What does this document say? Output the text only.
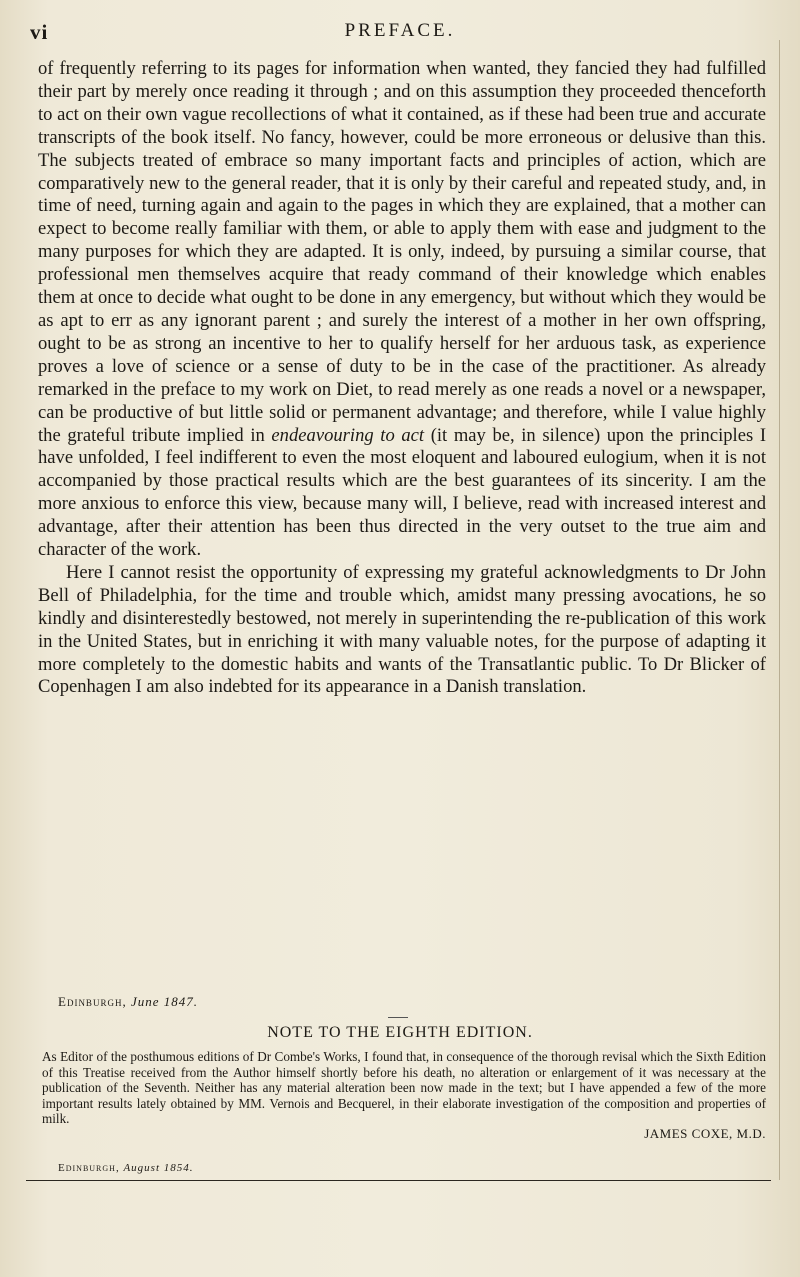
vi	PREFACE.

of frequently referring to its pages for information when wanted, they fancied they had fulfilled their part by merely once reading it through ; and on this assumption they proceeded thenceforth to act on their own vague recollections of what it contained, as if these had been true and accurate transcripts of the book itself. No fancy, however, could be more erroneous or delusive than this. The subjects treated of embrace so many important facts and principles of action, which are comparatively new to the general reader, that it is only by their careful and repeated study, and, in time of need, turning again and again to the pages in which they are explained, that a mother can expect to become really familiar with them, or able to apply them with ease and judgment to the many purposes for which they are adapted. It is only, indeed, by pursuing a similar course, that professional men themselves acquire that ready command of their knowledge which enables them at once to decide what ought to be done in any emergency, but without which they would be as apt to err as any ignorant parent ; and surely the interest of a mother in her own offspring, ought to be as strong an incentive to her to qualify herself for her arduous task, as experience proves a love of science or a sense of duty to be in the case of the practitioner. As already remarked in the preface to my work on Diet, to read merely as one reads a novel or a newspaper, can be productive of but little solid or permanent advantage; and therefore, while I value highly the grateful tribute implied in endeavouring to act (it may be, in silence) upon the principles I have unfolded, I feel indifferent to even the most eloquent and laboured eulogium, when it is not accompanied by those practical results which are the best guarantees of its sincerity. I am the more anxious to enforce this view, because many will, I believe, read with increased interest and advantage, after their attention has been thus directed in the very outset to the true aim and character of the work.

Here I cannot resist the opportunity of expressing my grateful acknowledgments to Dr John Bell of Philadelphia, for the time and trouble which, amidst many pressing avocations, he so kindly and disinterestedly bestowed, not merely in superintending the re-publication of this work in the United States, but in enriching it with many valuable notes, for the purpose of adapting it more completely to the domestic habits and wants of the Transatlantic public. To Dr Blicker of Copenhagen I am also indebted for its appearance in a Danish translation.

Edinburgh, June 1847.
NOTE TO THE EIGHTH EDITION.
As Editor of the posthumous editions of Dr Combe's Works, I found that, in consequence of the thorough revisal which the Sixth Edition of this Treatise received from the Author himself shortly before his death, no alteration or enlargement of it was necessary at the publication of the Seventh. Neither has any material alteration been now made in the text; but I have appended a few of the more important results lately obtained by MM. Vernois and Becquerel, in their elaborate investigation of the composition and properties of milk.
JAMES COXE, M.D.
Edinburgh, August 1854.
